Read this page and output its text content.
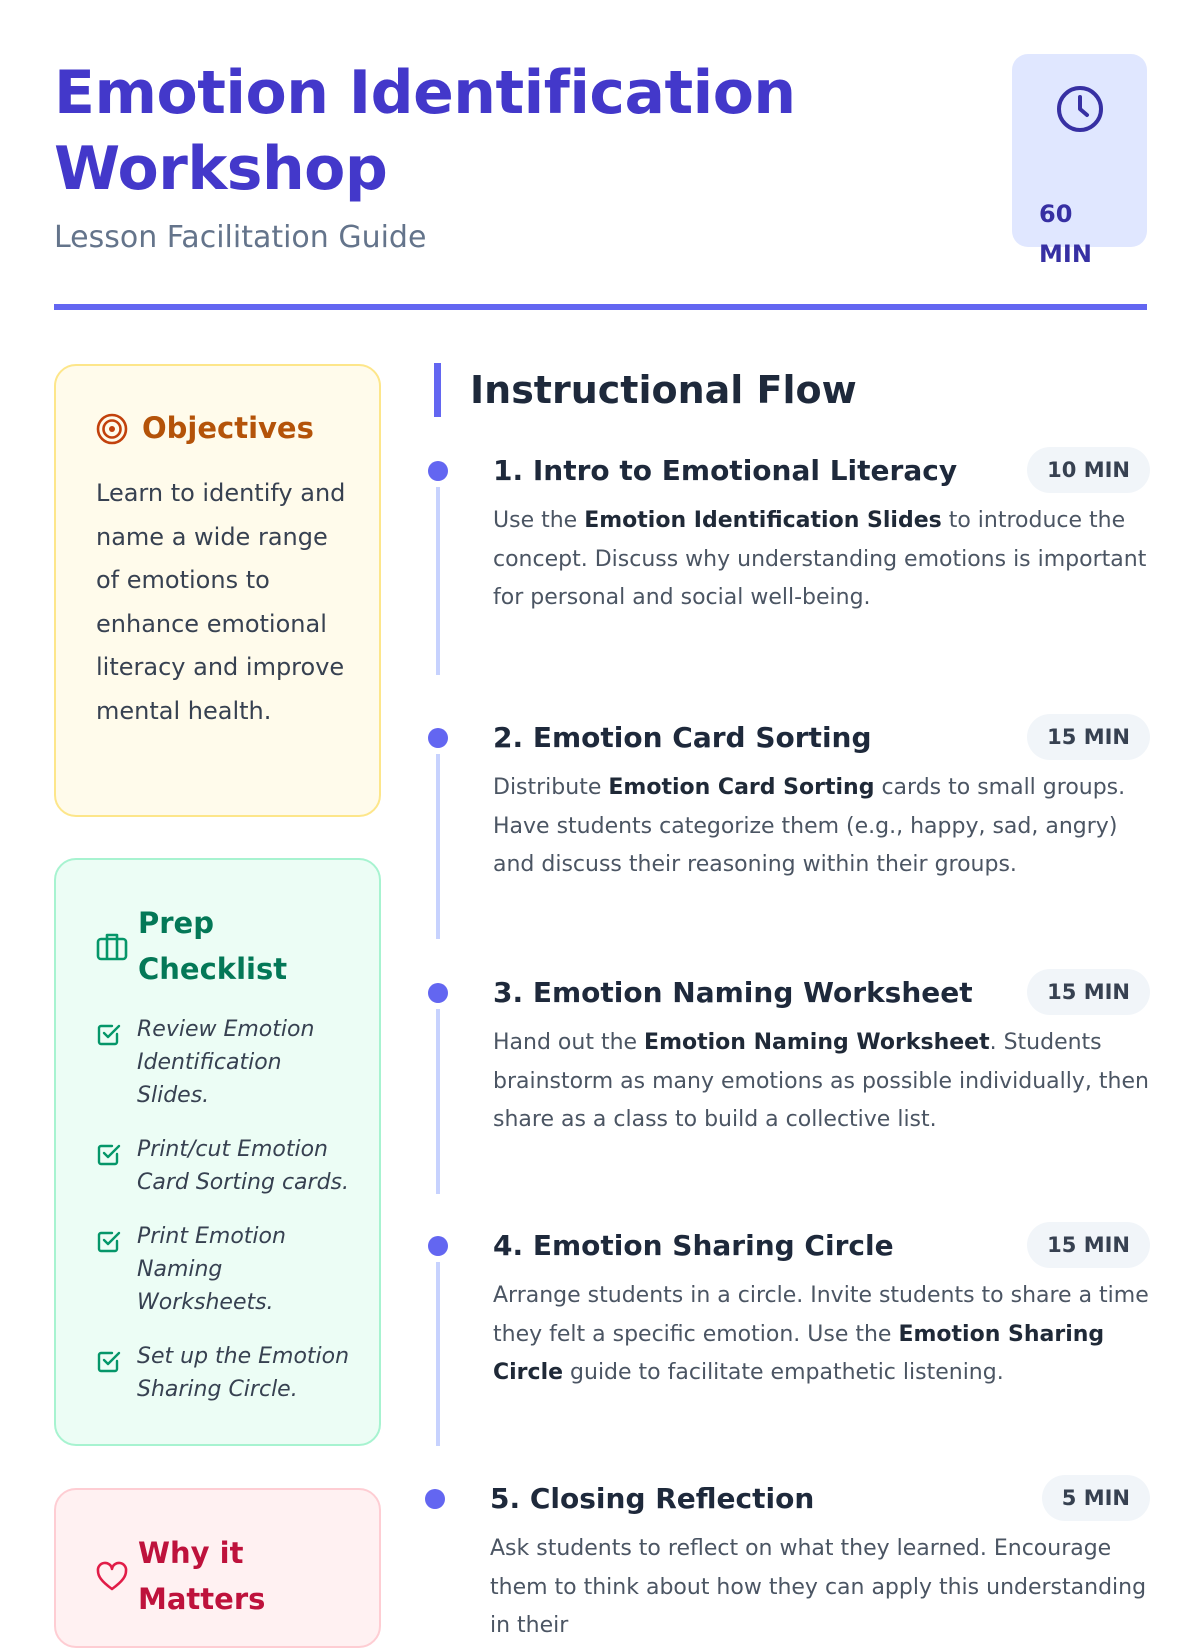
Emotion Identification Workshop

Lesson Facilitation Guide

60
MIN
Objectives

Learn to identify and name a wide range of emotions to enhance emotional literacy and improve mental health.

Prep Checklist
Review Emotion Identification Slides.
Print/cut Emotion Card Sorting cards.
Print Emotion Naming Worksheets.
Set up the Emotion Sharing Circle.
Why it Matters
Instructional Flow
1. Intro to Emotional Literacy	10 MIN

Use the Emotion Identification Slides to introduce the concept. Discuss why understanding emotions is important for personal and social well-being.

2. Emotion Card Sorting	15 MIN

Distribute Emotion Card Sorting cards to small groups. Have students categorize them (e.g., happy, sad, angry) and discuss their reasoning within their groups.

3. Emotion Naming Worksheet	15 MIN

Hand out the Emotion Naming Worksheet. Students brainstorm as many emotions as possible individually, then share as a class to build a collective list.

4. Emotion Sharing Circle	15 MIN

Arrange students in a circle. Invite students to share a time they felt a specific emotion. Use the Emotion Sharing Circle guide to facilitate empathetic listening.

5. Closing Reflection	5 MIN

Ask students to reflect on what they learned. Encourage them to think about how they can apply this understanding in their
